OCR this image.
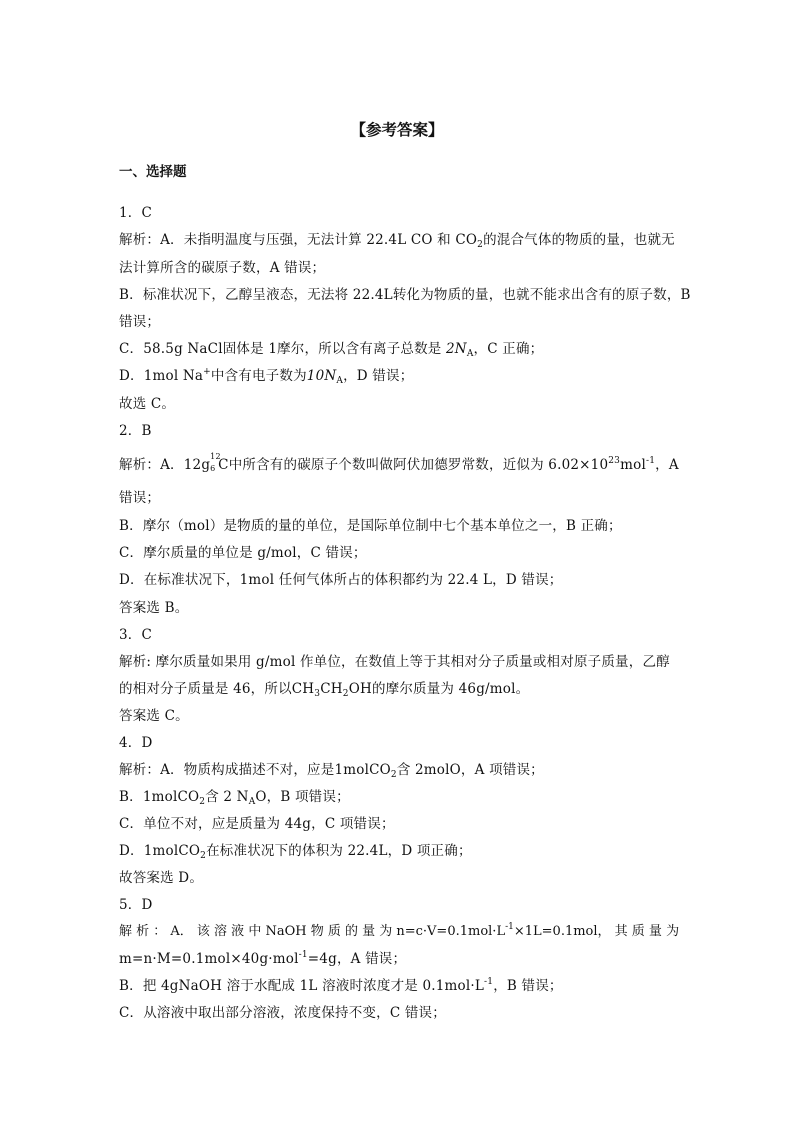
【参考答案】
一、选择题
1．C
解析：A．未指明温度与压强，无法计算 22.4L CO 和 $CO_2$的混合气体的物质的量，也就无
法计算所含的碳原子数，A 错误；
B．标准状况下，乙醇呈液态，无法将 22.4L转化为物质的量，也就不能求出含有的原子数，B
错误；
C．58.5g NaCl固体是 1摩尔，所以含有离子总数是 $2N_A$，C 正确；
D．1mol Na+中含有电子数为$10N_A$，D 错误；
故选 C。
2．B
解析：A．12g
12
6 C中所含有的碳原子个数叫做阿伏加德罗常数，近似为 $6.02\times 10^{23}mol^{-1}$，A
错误；
B．摩尔（mol）是物质的量的单位，是国际单位制中七个基本单位之一，B 正确；
C．摩尔质量的单位是 g/mol，C 错误；
D．在标准状况下，1mol 任何气体所占的体积都约为 22.4 L，D 错误；
答案选 B。
3．C
解析: 摩尔质量如果用 g/mol 作单位，在数值上等于其相对分子质量或相对原子质量，乙醇
的相对分子质量是 46，所以$CH_3CH_2OH$的摩尔质量为 46g/mol。
答案选 C。
4．D
解析：A．物质构成描述不对，应是1molCO$_2$含 2molO，A 项错误；
B．1molCO$_2$含 2 $N_AO$，B 项错误；
C．单位不对，应是质量为 44g，C 项错误；
D．1molCO$_2$在标准状况下的体积为 22.4L，D 项正确；
故答案选 D。
5．D
解 析 ： A． 该 溶 液 中 NaOH 物 质 的 量 为 $n=c\cdot V=0.1mol\cdot L^{-1}\times 1L=0.1mol$， 其 质 量 为
m=n·M=0.1mol×40g·mol$^{-1}$=4g，A 错误；
B．把 4gNaOH 溶于水配成 1L 溶液时浓度才是 $0.1mol\cdot L^{-1}$，B 错误；
C．从溶液中取出部分溶液，浓度保持不变，C 错误；
